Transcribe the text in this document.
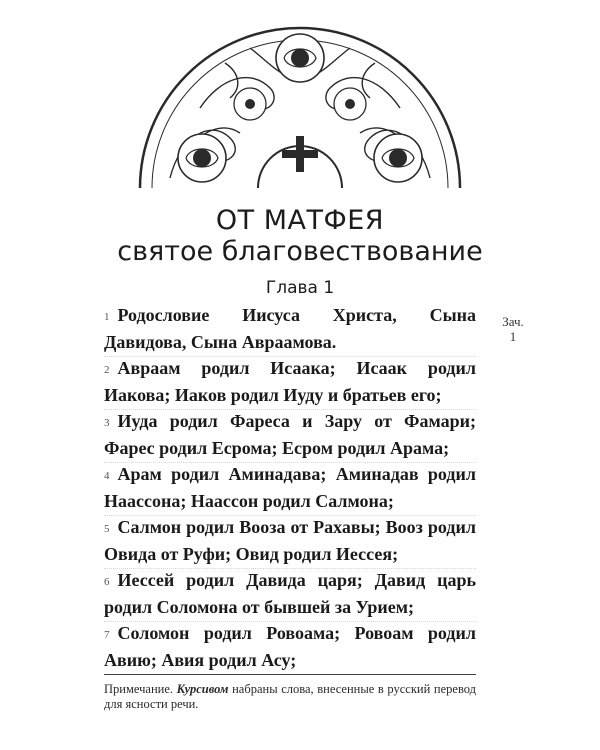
ОТ МАТФЕЯ
святое благовествование
Глава 1
Зач.
1
1 Родословие Иисуса Христа, Сына Давидова, Сына Авраамова.
2 Авраам родил Исаака; Исаак родил Иакова; Иаков родил Иуду и братьев его;
3 Иуда родил Фареса и Зару от Фамари; Фарес родил Есрома; Есром родил Арама;
4 Арам родил Аминадава; Аминадав родил Наассона; Наассон родил Салмона;
5 Салмон родил Вооза от Рахавы; Вооз родил Овида от Руфи; Овид родил Иессея;
6 Иессей родил Давида царя; Давид царь родил Соломона от бывшей за Урием;
7 Соломон родил Ровоама; Ровоам родил Авию; Авия родил Асу;
Примечание. Курсивом набраны слова, внесенные в русский перевод для ясности речи.
